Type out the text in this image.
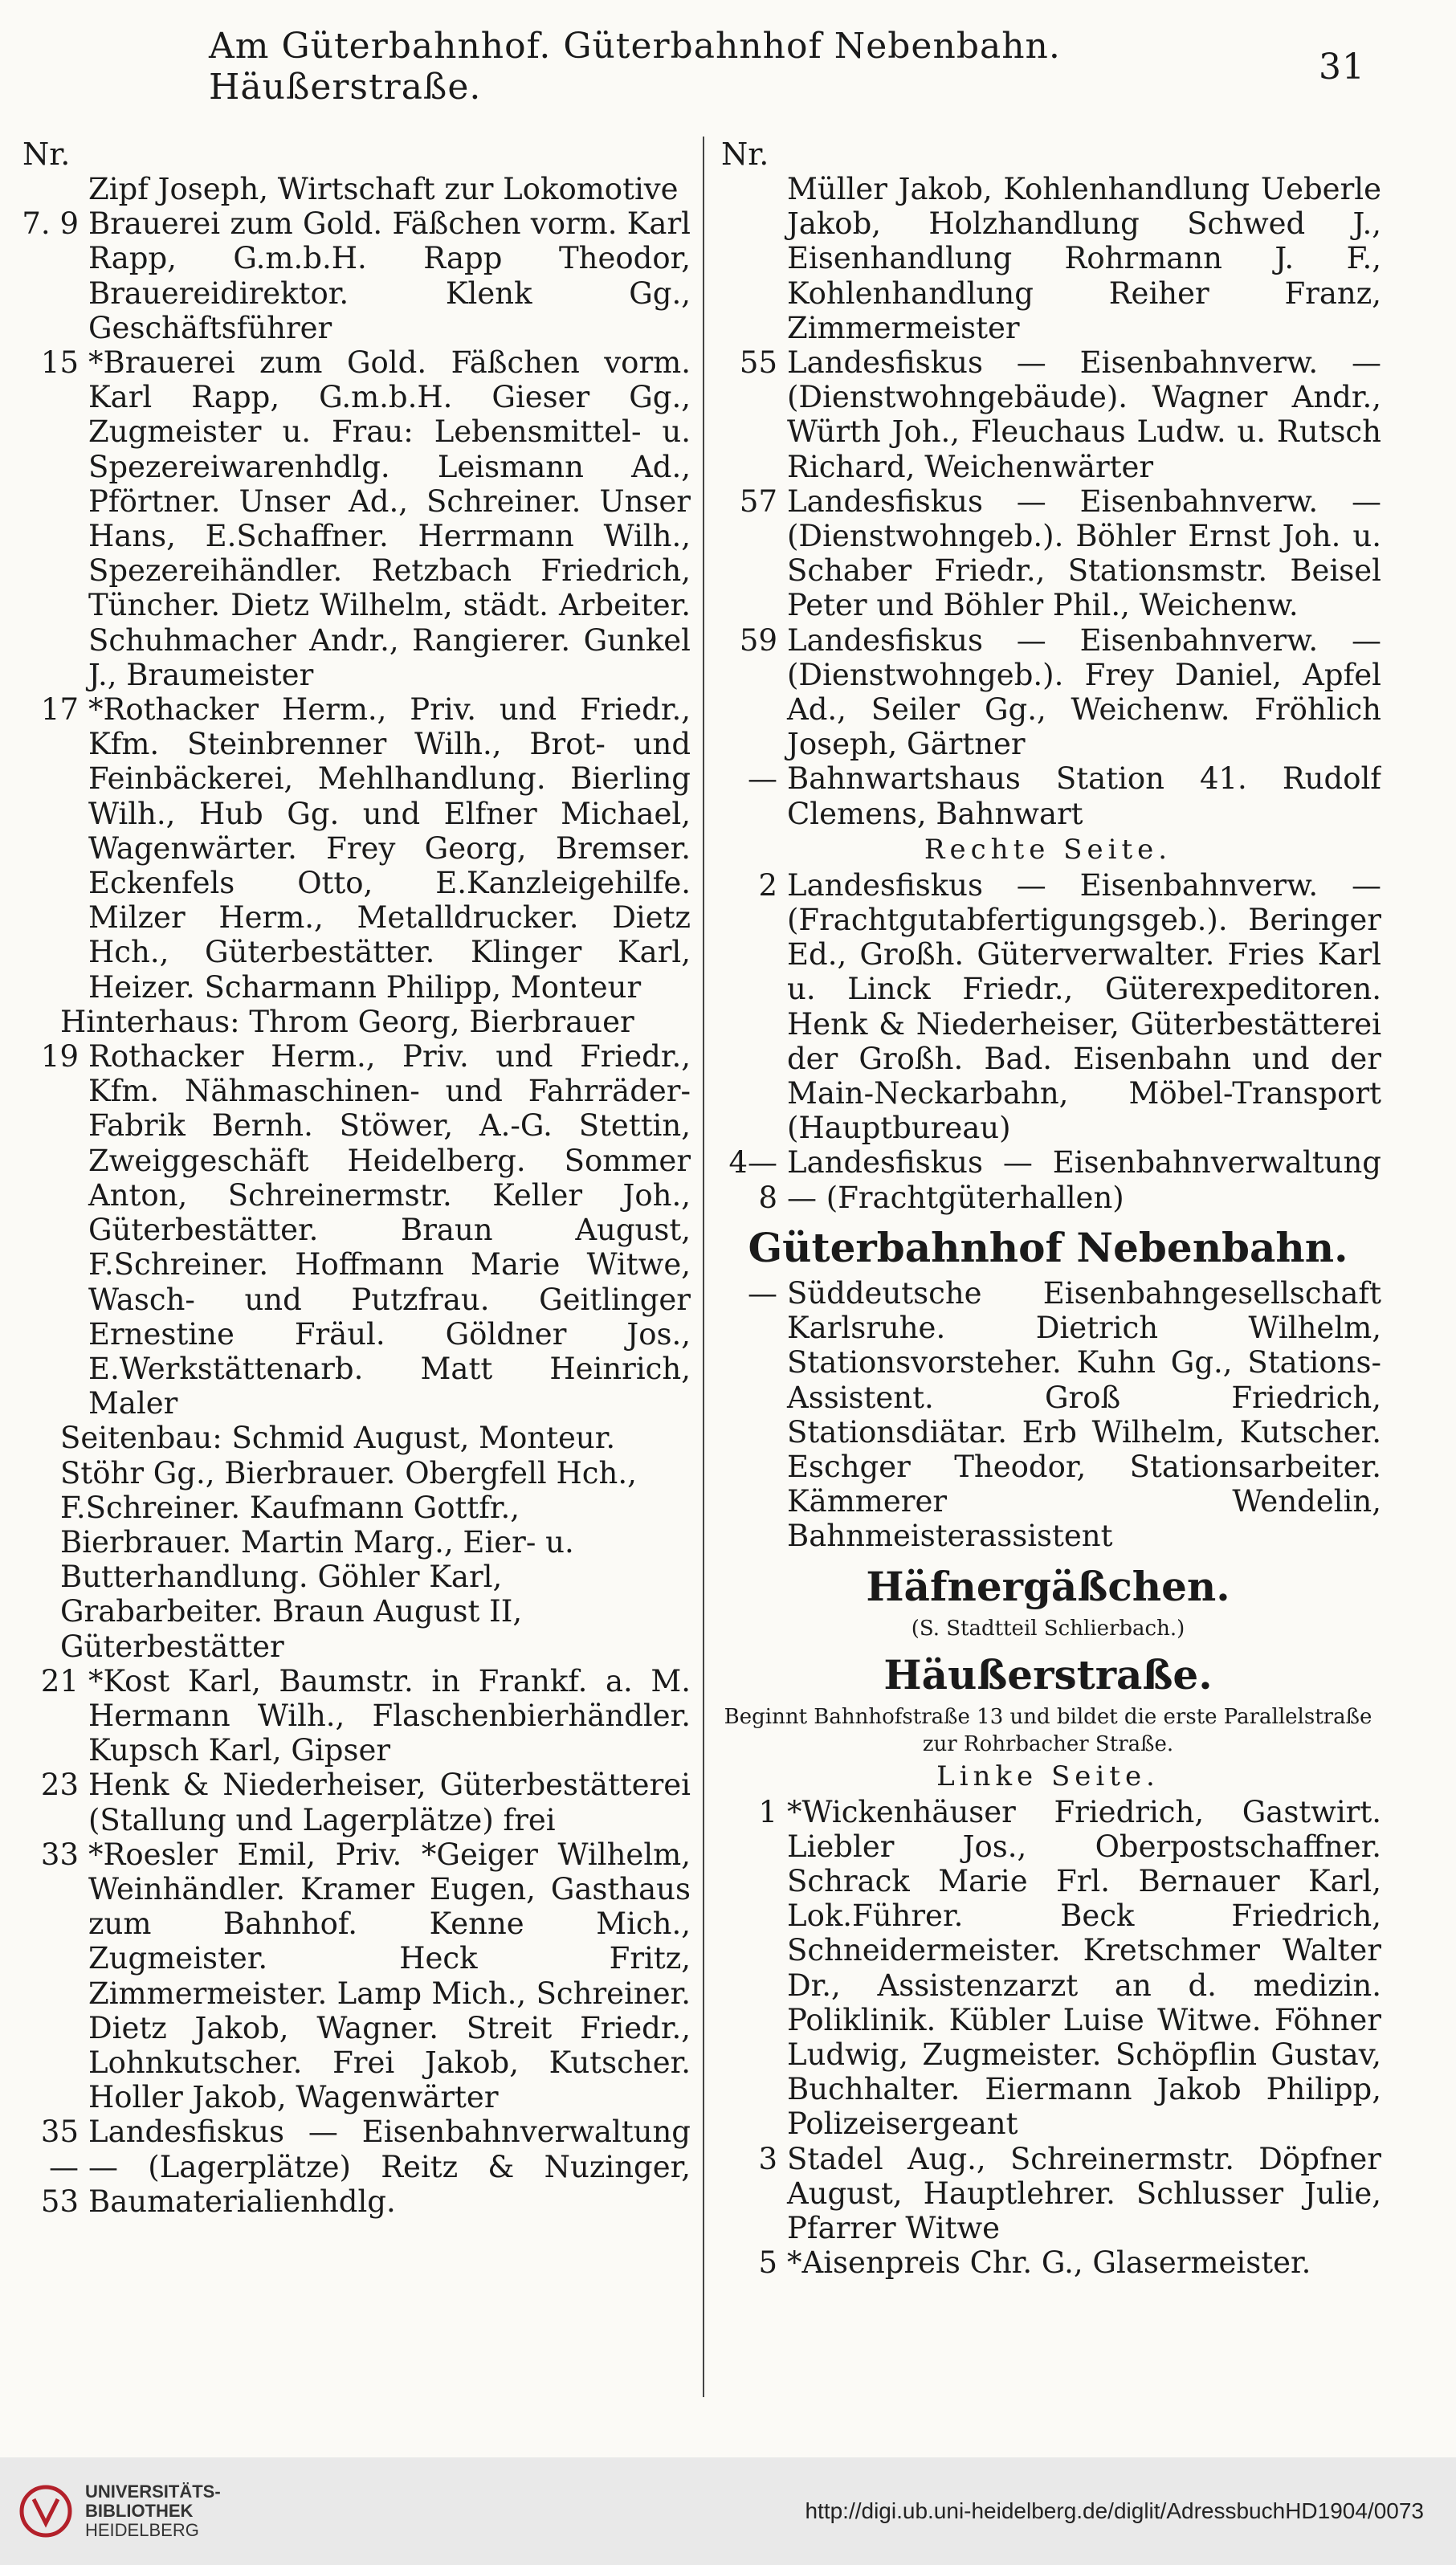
Am Güterbahnhof. Güterbahnhof Nebenbahn. Häußerstraße.	31
Nr.
Zipf Joseph, Wirtschaft zur Lokomotive
7. 9 Brauerei zum Gold. Fäßchen vorm. Karl Rapp, G.m.b.H. Rapp Theodor, Brauereidirektor. Klenk Gg., Geschäftsführer
15 *Brauerei zum Gold. Fäßchen vorm. Karl Rapp, G.m.b.H. Gieser Gg., Zugmeister u. Frau: Lebensmittel- u. Spezereiwarenhdlg. Leismann Ad., Pförtner. Unser Ad., Schreiner. Unser Hans, E.Schaffner. Herrmann Wilh., Spezereihändler. Retzbach Friedrich, Tüncher. Dietz Wilhelm, städt. Arbeiter. Schuhmacher Andr., Rangierer. Gunkel J., Braumeister
17 *Rothacker Herm., Priv. und Friedr., Kfm. Steinbrenner Wilh., Brot- und Feinbäckerei, Mehlhandlung. Bierling Wilh., Hub Gg. und Elfner Michael, Wagenwärter. Frey Georg, Bremser. Eckenfels Otto, E.Kanzleigehilfe. Milzer Herm., Metalldrucker. Dietz Hch., Güterbestätter. Klinger Karl, Heizer. Scharmann Philipp, Monteur
Hinterhaus: Throm Georg, Bierbrauer
19 Rothacker Herm., Priv. und Friedr., Kfm. Nähmaschinen- und Fahrräder-Fabrik Bernh. Stöwer, A.-G. Stettin, Zweiggeschäft Heidelberg. Sommer Anton, Schreinermstr. Keller Joh., Güterbestätter. Braun August, F.Schreiner. Hoffmann Marie Witwe, Wasch- und Putzfrau. Geitlinger Ernestine Fräul. Göldner Jos., E.Werkstättenarb. Matt Heinrich, Maler
Seitenbau: Schmid August, Monteur. Stöhr Gg., Bierbrauer. Obergfell Hch., F.Schreiner. Kaufmann Gottfr., Bierbrauer. Martin Marg., Eier- u. Butterhandlung. Göhler Karl, Grabarbeiter. Braun August II, Güterbestätter
21 *Kost Karl, Baumstr. in Frankf. a. M. Hermann Wilh., Flaschenbierhändler. Kupsch Karl, Gipser
23 Henk & Niederheiser, Güterbestätterei (Stallung und Lagerplätze) frei
33 *Roesler Emil, Priv. *Geiger Wilhelm, Weinhändler. Kramer Eugen, Gasthaus zum Bahnhof. Kenne Mich., Zugmeister. Heck Fritz, Zimmermeister. Lamp Mich., Schreiner. Dietz Jakob, Wagner. Streit Friedr., Lohnkutscher. Frei Jakob, Kutscher. Holler Jakob, Wagenwärter
35—53
Landesfiskus — Eisenbahnverwaltung — (Lagerplätze) Reitz & Nuzinger, Baumaterialienhdlg.
Nr.
Müller Jakob, Kohlenhandlung Ueberle Jakob, Holzhandlung Schwed J., Eisenhandlung Rohrmann J. F., Kohlenhandlung Reiher Franz, Zimmermeister
55 Landesfiskus — Eisenbahnverw. — (Dienstwohngebäude). Wagner Andr., Würth Joh., Fleuchaus Ludw. u. Rutsch Richard, Weichenwärter
57 Landesfiskus — Eisenbahnverw. — (Dienstwohngeb.). Böhler Ernst Joh. u. Schaber Friedr., Stationsmstr. Beisel Peter und Böhler Phil., Weichenw.
59 Landesfiskus — Eisenbahnverw. — (Dienstwohngeb.). Frey Daniel, Apfel Ad., Seiler Gg., Weichenw. Fröhlich Joseph, Gärtner
— Bahnwartshaus Station 41. Rudolf Clemens, Bahnwart
Rechte Seite.
2 Landesfiskus — Eisenbahnverw. — (Frachtgutabfertigungsgeb.). Beringer Ed., Großh. Güterverwalter. Fries Karl u. Linck Friedr., Güterexpeditoren. Henk & Niederheiser, Güterbestätterei der Großh. Bad. Eisenbahn und der Main-Neckarbahn, Möbel-Transport (Hauptbureau)
4—8
Landesfiskus — Eisenbahnverwaltung — (Frachtgüterhallen)
Güterbahnhof Nebenbahn.
— Süddeutsche Eisenbahngesellschaft Karlsruhe. Dietrich Wilhelm, Stationsvorsteher. Kuhn Gg., Stations-Assistent. Groß Friedrich, Stationsdiätar. Erb Wilhelm, Kutscher. Eschger Theodor, Stationsarbeiter. Kämmerer Wendelin, Bahnmeisterassistent
Häfnergäßchen.
(S. Stadtteil Schlierbach.)
Häußerstraße.
Beginnt Bahnhofstraße 13 und bildet die erste Parallelstraße zur Rohrbacher Straße.
Linke Seite.
1 *Wickenhäuser Friedrich, Gastwirt. Liebler Jos., Oberpostschaffner. Schrack Marie Frl. Bernauer Karl, Lok.Führer. Beck Friedrich, Schneidermeister. Kretschmer Walter Dr., Assistenzarzt an d. medizin. Poliklinik. Kübler Luise Witwe. Föhner Ludwig, Zugmeister. Schöpflin Gustav, Buchhalter. Eiermann Jakob Philipp, Polizeisergeant
3 Stadel Aug., Schreinermstr. Döpfner August, Hauptlehrer. Schlusser Julie, Pfarrer Witwe
5 *Aisenpreis Chr. G., Glasermeister.
UNIVERSITÄTS-
BIBLIOTHEK
HEIDELBERG
http://digi.ub.uni-heidelberg.de/diglit/AdressbuchHD1904/0073
